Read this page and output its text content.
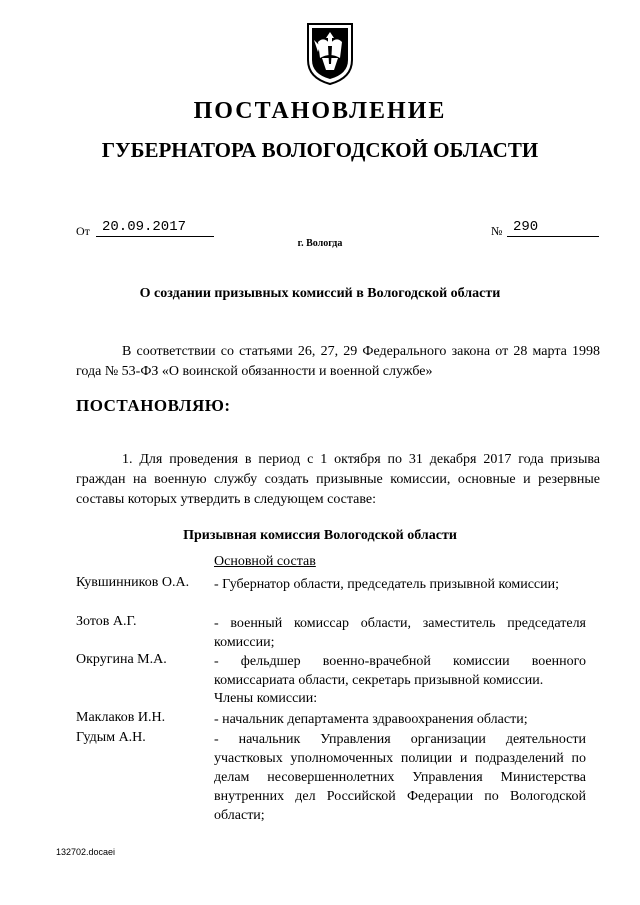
ПОСТАНОВЛЕНИЕ
ГУБЕРНАТОРА ВОЛОГОДСКОЙ ОБЛАСТИ
От 20.09.2017	№ 290
г. Вологда
О создании призывных комиссий в Вологодской области
В соответствии со статьями 26, 27, 29 Федерального закона от 28 марта 1998 года № 53-ФЗ «О воинской обязанности и военной службе»
ПОСТАНОВЛЯЮ:
1. Для проведения в период с 1 октября по 31 декабря 2017 года призыва граждан на военную службу создать призывные комиссии, основные и резервные составы которых утвердить в следующем составе:
Призывная комиссия Вологодской области
Основной состав
Кувшинников О.А. - Губернатор области, председатель призывной комиссии;
Зотов А.Г.	- военный комиссар области, заместитель председателя комиссии;
Округина М.А.	- фельдшер военно-врачебной комиссии военного комиссариата области, секретарь призывной комиссии.
Члены комиссии:
Маклаков И.Н.	- начальник департамента здравоохранения области;
Гудым А.Н.	- начальник Управления организации деятельности участковых уполномоченных полиции и подразделений по делам несовершеннолетних Управления Министерства внутренних дел Российской Федерации по Вологодской области;
132702.docaei
